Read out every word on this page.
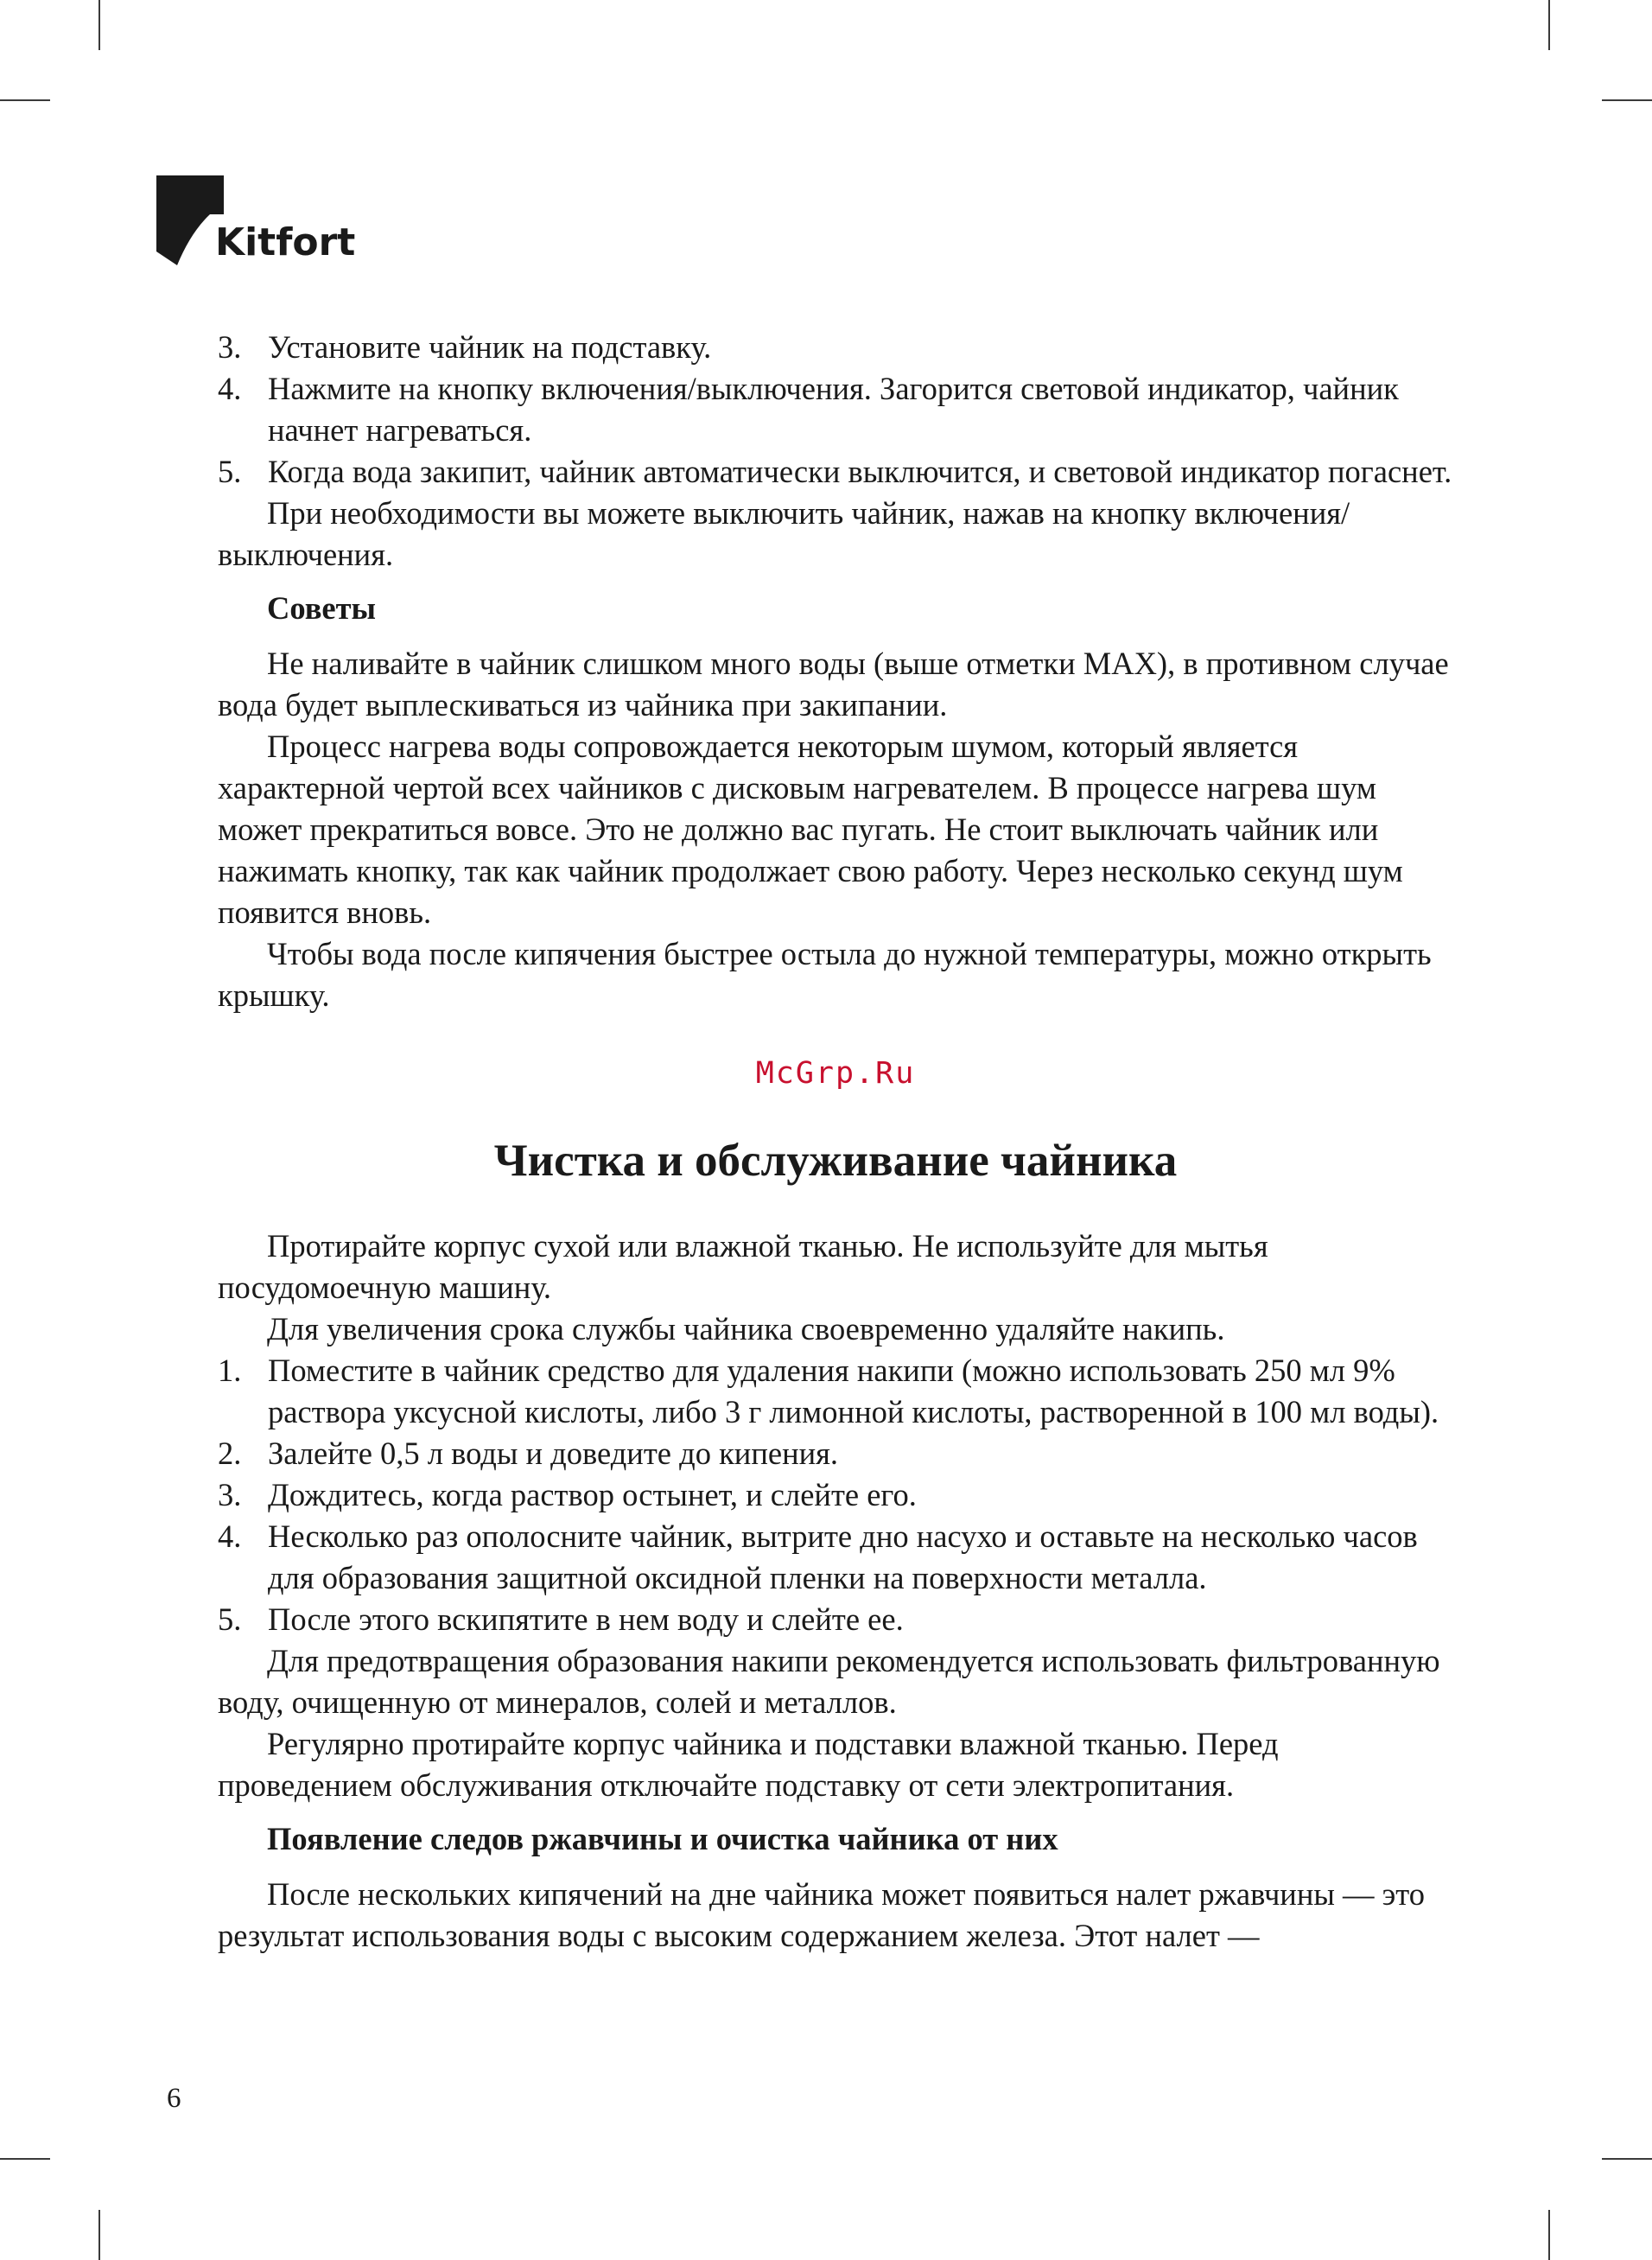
Kitfort
3. Установите чайник на подставку.
4. Нажмите на кнопку включения/выключения. Загорится световой индикатор, чайник начнет нагреваться.
5. Когда вода закипит, чайник автоматически выключится, и световой индикатор погаснет.

При необходимости вы можете выключить чайник, нажав на кнопку включения/выключения.

Советы

Не наливайте в чайник слишком много воды (выше отметки MAX), в противном случае вода будет выплескиваться из чайника при закипании.

Процесс нагрева воды сопровождается некоторым шумом, который является характерной чертой всех чайников с дисковым нагревателем. В процессе нагрева шум может прекратиться вовсе. Это не должно вас пугать. Не стоит выключать чайник или нажимать кнопку, так как чайник продолжает свою работу. Через несколько секунд шум появится вновь.

Чтобы вода после кипячения быстрее остыла до нужной температуры, можно открыть крышку.

McGrp.Ru

Чистка и обслуживание чайника

Протирайте корпус сухой или влажной тканью. Не используйте для мытья посудомоечную машину.

Для увеличения срока службы чайника своевременно удаляйте накипь.

1. Поместите в чайник средство для удаления накипи (можно использовать 250 мл 9% раствора уксусной кислоты, либо 3 г лимонной кислоты, растворенной в 100 мл воды).
2. Залейте 0,5 л воды и доведите до кипения.
3. Дождитесь, когда раствор остынет, и слейте его.
4. Несколько раз ополосните чайник, вытрите дно насухо и оставьте на несколько часов для образования защитной оксидной пленки на поверхности металла.
5. После этого вскипятите в нем воду и слейте ее.

Для предотвращения образования накипи рекомендуется использовать фильтрованную воду, очищенную от минералов, солей и металлов.

Регулярно протирайте корпус чайника и подставки влажной тканью. Перед проведением обслуживания отключайте подставку от сети электропитания.

Появление следов ржавчины и очистка чайника от них

После нескольких кипячений на дне чайника может появиться налет ржавчины — это результат использования воды с высоким содержанием железа. Этот налет —

6
